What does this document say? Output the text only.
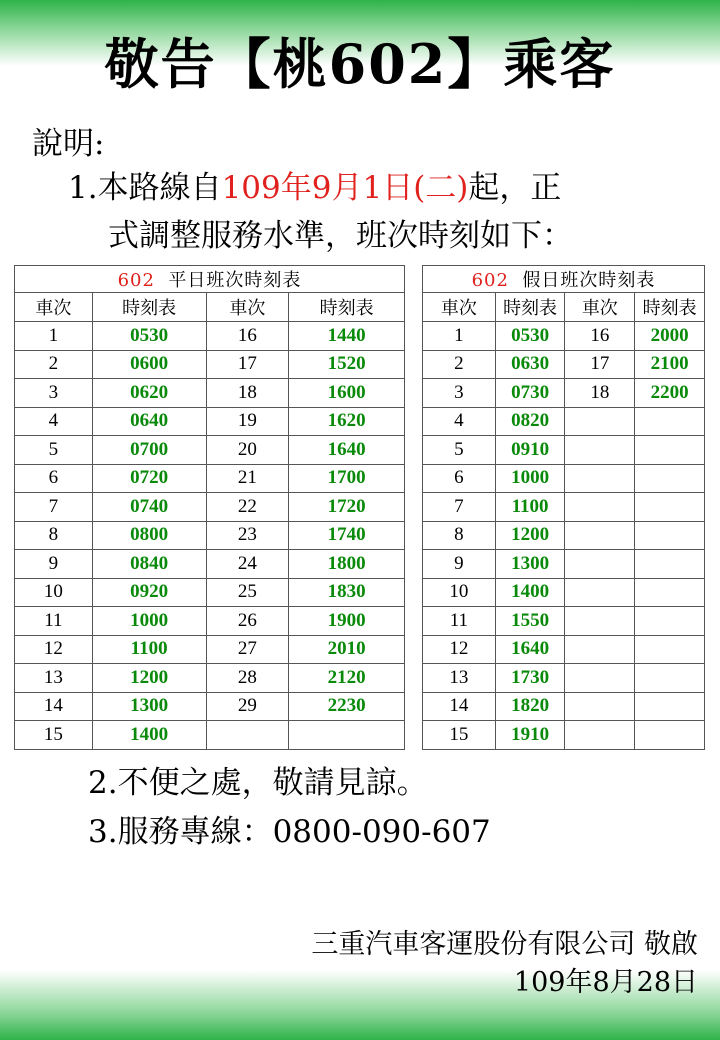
敬告【桃602】乘客
說明:
1.本路線自109年9月1日(二)起，正
式調整服務水準，班次時刻如下：
602 平日班次時刻表			
車次	時刻表	車次	時刻表
1	0530	16	1440
2	0600	17	1520
3	0620	18	1600
4	0640	19	1620
5	0700	20	1640
6	0720	21	1700
7	0740	22	1720
8	0800	23	1740
9	0840	24	1800
10	0920	25	1830
11	1000	26	1900
12	1100	27	2010
13	1200	28	2120
14	1300	29	2230
15	1400		
602 假日班次時刻表			
車次	時刻表	車次	時刻表
1	0530	16	2000
2	0630	17	2100
3	0730	18	2200
4	0820		
5	0910		
6	1000		
7	1100		
8	1200		
9	1300		
10	1400		
11	1550		
12	1640		
13	1730		
14	1820		
15	1910		
2.不便之處，敬請見諒。
3.服務專線：0800-090-607
三重汽車客運股份有限公司 敬啟
109年8月28日
